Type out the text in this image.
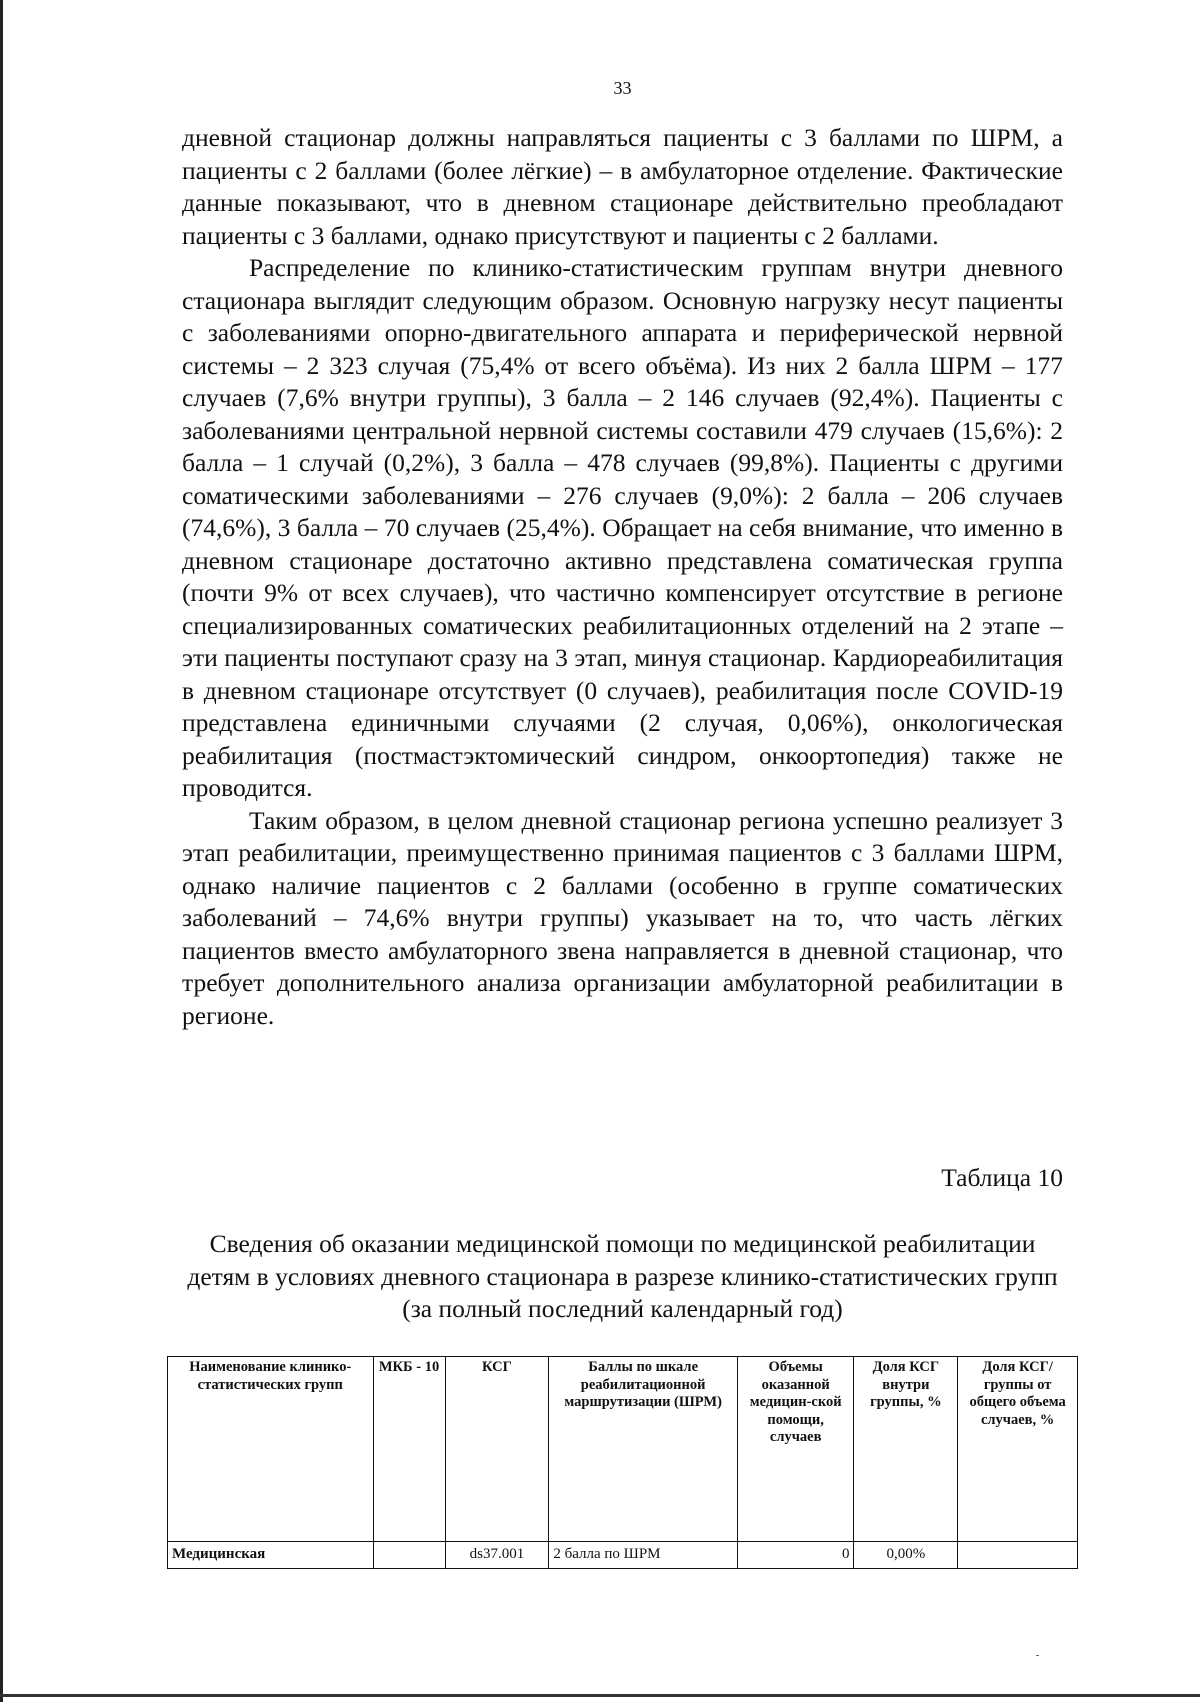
33

дневной стационар должны направляться пациенты с 3 баллами по ШРМ, а пациенты с 2 баллами (более лёгкие) – в амбулаторное отделение. Фактические данные показывают, что в дневном стационаре действительно преобладают пациенты с 3 баллами, однако присутствуют и пациенты с 2 баллами.

Распределение по клинико-статистическим группам внутри дневного стационара выглядит следующим образом. Основную нагрузку несут пациенты с заболеваниями опорно-двигательного аппарата и периферической нервной системы – 2 323 случая (75,4% от всего объёма). Из них 2 балла ШРМ – 177 случаев (7,6% внутри группы), 3 балла – 2 146 случаев (92,4%). Пациенты с заболеваниями центральной нервной системы составили 479 случаев (15,6%): 2 балла – 1 случай (0,2%), 3 балла – 478 случаев (99,8%). Пациенты с другими соматическими заболеваниями – 276 случаев (9,0%): 2 балла – 206 случаев (74,6%), 3 балла – 70 случаев (25,4%). Обращает на себя внимание, что именно в дневном стационаре достаточно активно представлена соматическая группа (почти 9% от всех случаев), что частично компенсирует отсутствие в регионе специализированных соматических реабилитационных отделений на 2 этапе – эти пациенты поступают сразу на 3 этап, минуя стационар. Кардиореабилитация в дневном стационаре отсутствует (0 случаев), реабилитация после COVID-19 представлена единичными случаями (2 случая, 0,06%), онкологическая реабилитация (постмастэктомический синдром, онкоортопедия) также не проводится.

Таким образом, в целом дневной стационар региона успешно реализует 3 этап реабилитации, преимущественно принимая пациентов с 3 баллами ШРМ, однако наличие пациентов с 2 баллами (особенно в группе соматических заболеваний – 74,6% внутри группы) указывает на то, что часть лёгких пациентов вместо амбулаторного звена направляется в дневной стационар, что требует дополнительного анализа организации амбулаторной реабилитации в регионе.

Таблица 10
Сведения об оказании медицинской помощи по медицинской реабилитации детям в условиях дневного стационара в разрезе клинико-статистических групп (за полный последний календарный год)
Наименование клинико-статистических групп	МКБ - 10	КСГ	Баллы по шкале реабилитационной маршрутизации (ШРМ)	Объемы оказанной медицин-ской помощи, случаев	Доля КСГ внутри группы, %	Доля КСГ/группы от общего объема случаев, %
Медицинская		ds37.001	2 балла по ШРМ	0	0,00%	
